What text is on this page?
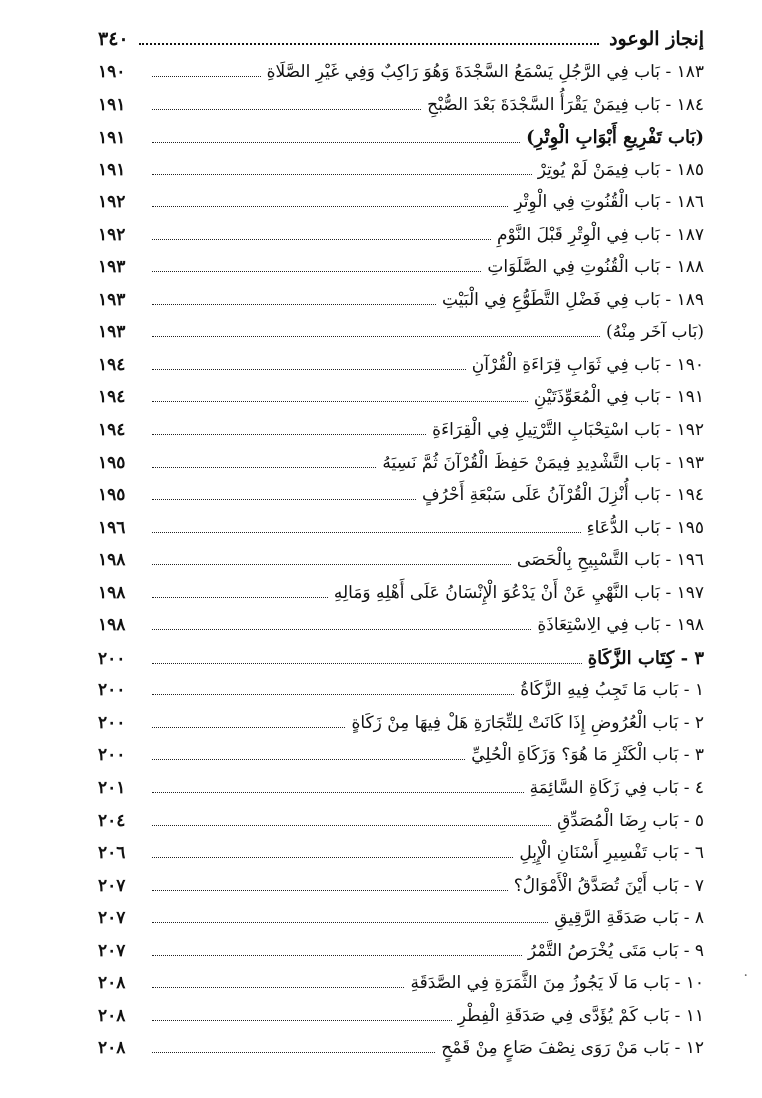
إنجاز الوعود
٣٤٠
١٨٣ - بَاب فِي الرَّجُلِ يَسْمَعُ السَّجْدَةَ وَهُوَ رَاكِبٌ وَفِي غَيْرِ الصَّلَاةِ
١٩٠
١٨٤ - بَاب فِيمَنْ يَقْرَأُ السَّجْدَةَ بَعْدَ الصُّبْحِ
١٩١
(بَاب تَفْرِيعِ أَبْوَابِ الْوِتْرِ)
١٩١
١٨٥ - بَاب فِيمَنْ لَمْ يُوتِرْ
١٩١
١٨٦ - بَاب الْقُنُوتِ فِي الْوِتْرِ
١٩٢
١٨٧ - بَاب فِي الْوِتْرِ قَبْلَ النَّوْمِ
١٩٢
١٨٨ - بَاب الْقُنُوتِ فِي الصَّلَوَاتِ
١٩٣
١٨٩ - بَاب فِي فَضْلِ التَّطَوُّعِ فِي الْبَيْتِ
١٩٣
(بَاب آخَر مِنْهُ)
١٩٣
١٩٠ - بَاب فِي ثَوَابِ قِرَاءَةِ الْقُرْآنِ
١٩٤
١٩١ - بَاب فِي الْمُعَوِّذَتَيْنِ
١٩٤
١٩٢ - بَاب اسْتِحْبَابِ التَّرْتِيلِ فِي الْقِرَاءَةِ
١٩٤
١٩٣ - بَاب التَّشْدِيدِ فِيمَنْ حَفِظَ الْقُرْآنَ ثُمَّ نَسِيَهُ
١٩٥
١٩٤ - بَاب أُنْزِلَ الْقُرْآنُ عَلَى سَبْعَةِ أَحْرُفٍ
١٩٥
١٩٥ - بَاب الدُّعَاءِ
١٩٦
١٩٦ - بَاب التَّسْبِيحِ بِالْحَصَى
١٩٨
١٩٧ - بَاب النَّهْيِ عَنْ أَنْ يَدْعُوَ الْإِنْسَانُ عَلَى أَهْلِهِ وَمَالِهِ
١٩٨
١٩٨ - بَاب فِي الِاسْتِعَاذَةِ
١٩٨
٣ - كِتَاب الزَّكَاةِ
٢٠٠
١ - بَاب مَا تَجِبُ فِيهِ الزَّكَاةُ
٢٠٠
٢ - بَاب الْعُرُوضِ إِذَا كَانَتْ لِلتِّجَارَةِ هَلْ فِيهَا مِنْ زَكَاةٍ
٢٠٠
٣ - بَاب الْكَنْزِ مَا هُوَ؟ وَزَكَاةِ الْحُلِيِّ
٢٠٠
٤ - بَاب فِي زَكَاةِ السَّائِمَةِ
٢٠١
٥ - بَاب رِضَا الْمُصَدِّقِ
٢٠٤
٦ - بَاب تَفْسِيرِ أَسْنَانِ الْإِبِلِ
٢٠٦
٧ - بَاب أَيْنَ تُصَدَّقُ الْأَمْوَالُ؟
٢٠٧
٨ - بَاب صَدَقَةِ الرَّقِيقِ
٢٠٧
٩ - بَاب مَتَى يُخْرَصُ التَّمْرُ
٢٠٧
١٠ - بَاب مَا لَا يَجُوزُ مِنَ الثَّمَرَةِ فِي الصَّدَقَةِ
٢٠٨
١١ - بَاب كَمْ يُؤَدَّى فِي صَدَقَةِ الْفِطْرِ
٢٠٨
١٢ - بَاب مَنْ رَوَى نِصْفَ صَاعٍ مِنْ قَمْحٍ
٢٠٨
.
